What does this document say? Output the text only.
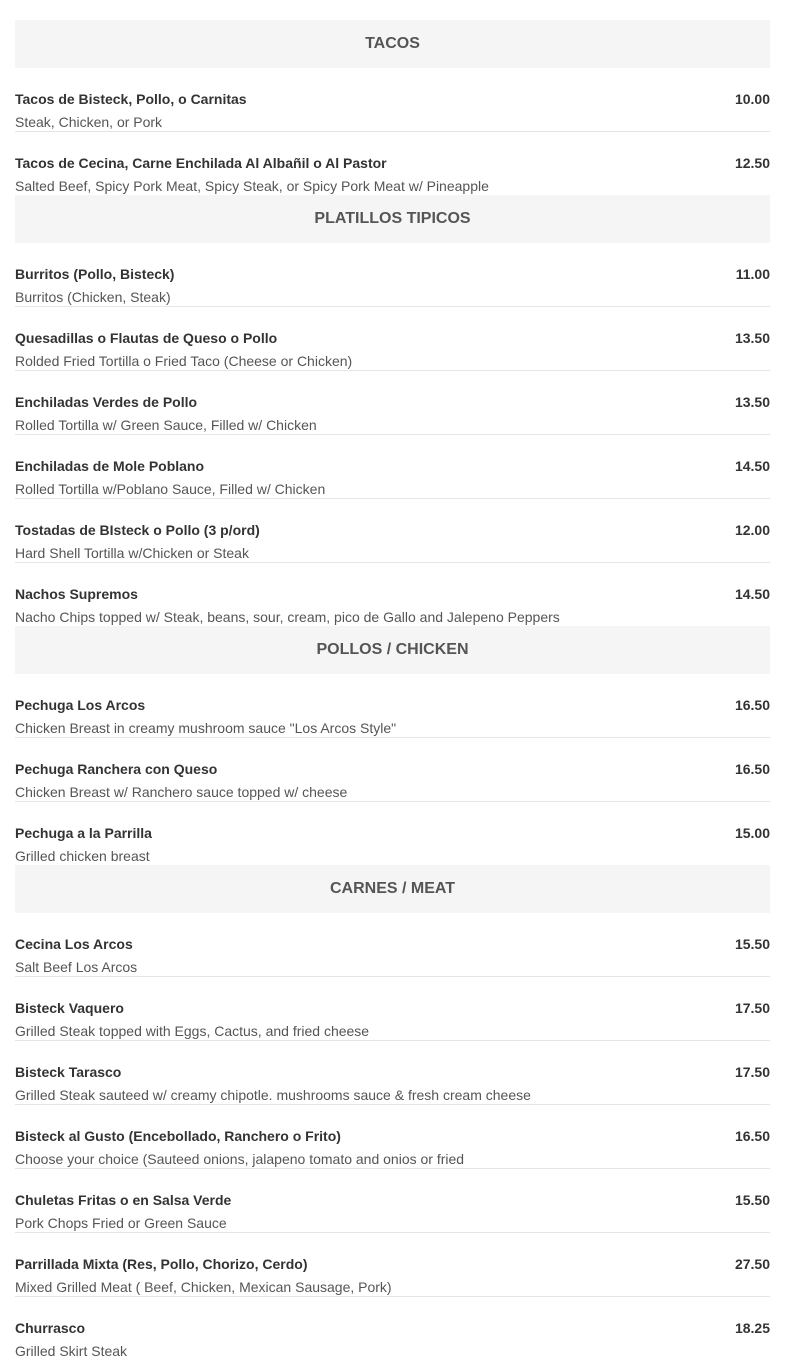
TACOS
Tacos de Bisteck, Pollo, o Carnitas	10.00
Steak, Chicken, or Pork
Tacos de Cecina, Carne Enchilada Al Albañil o Al Pastor	12.50
Salted Beef, Spicy Pork Meat, Spicy Steak, or Spicy Pork Meat w/ Pineapple
PLATILLOS TIPICOS
Burritos (Pollo, Bisteck)	11.00
Burritos (Chicken, Steak)
Quesadillas o Flautas de Queso o Pollo	13.50
Rolded Fried Tortilla o Fried Taco (Cheese or Chicken)
Enchiladas Verdes de Pollo	13.50
Rolled Tortilla w/ Green Sauce, Filled w/ Chicken
Enchiladas de Mole Poblano	14.50
Rolled Tortilla w/Poblano Sauce, Filled w/ Chicken
Tostadas de BIsteck o Pollo (3 p/ord)	12.00
Hard Shell Tortilla w/Chicken or Steak
Nachos Supremos	14.50
Nacho Chips topped w/ Steak, beans, sour, cream, pico de Gallo and Jalepeno Peppers
POLLOS / CHICKEN
Pechuga Los Arcos	16.50
Chicken Breast in creamy mushroom sauce "Los Arcos Style"
Pechuga Ranchera con Queso	16.50
Chicken Breast w/ Ranchero sauce topped w/ cheese
Pechuga a la Parrilla	15.00
Grilled chicken breast
CARNES / MEAT
Cecina Los Arcos	15.50
Salt Beef Los Arcos
Bisteck Vaquero	17.50
Grilled Steak topped with Eggs, Cactus, and fried cheese
Bisteck Tarasco	17.50
Grilled Steak sauteed w/ creamy chipotle. mushrooms sauce & fresh cream cheese
Bisteck al Gusto (Encebollado, Ranchero o Frito)	16.50
Choose your choice (Sauteed onions, jalapeno tomato and onios or fried
Chuletas Fritas o en Salsa Verde	15.50
Pork Chops Fried or Green Sauce
Parrillada Mixta (Res, Pollo, Chorizo, Cerdo)	27.50
Mixed Grilled Meat ( Beef, Chicken, Mexican Sausage, Pork)
Churrasco	18.25
Grilled Skirt Steak
